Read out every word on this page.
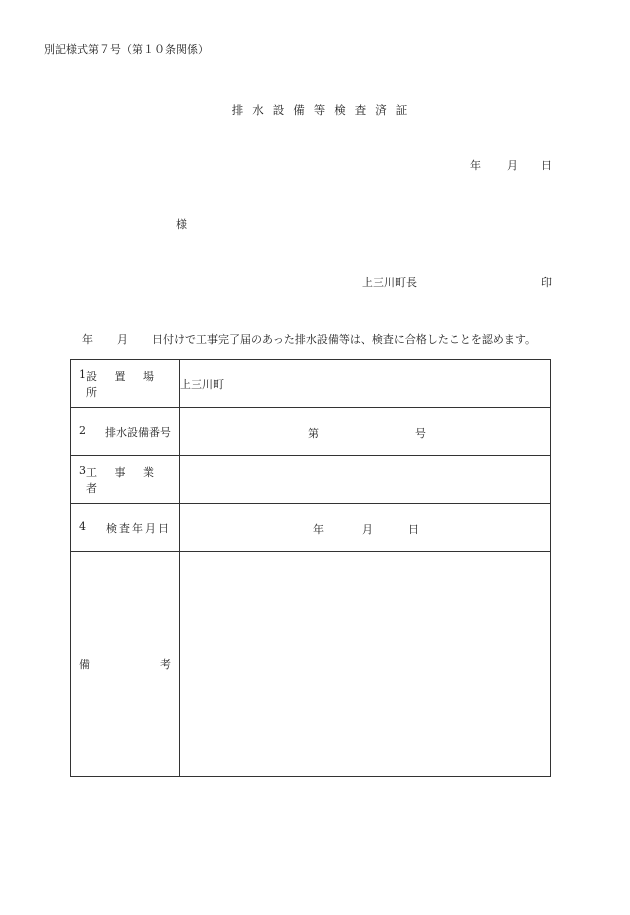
別記様式第７号（第１０条関係）
排水設備等検査済証
年 月 日
様
上三川町長	印
年 月 日付けで工事完了届のあった排水設備等は、検査に合格したことを認めます。
1 設 置 場 所	上三川町

2 排水設備番号	第 号

3 工 事 業 者	

4 検査年月日	年 月 日

備 考	
